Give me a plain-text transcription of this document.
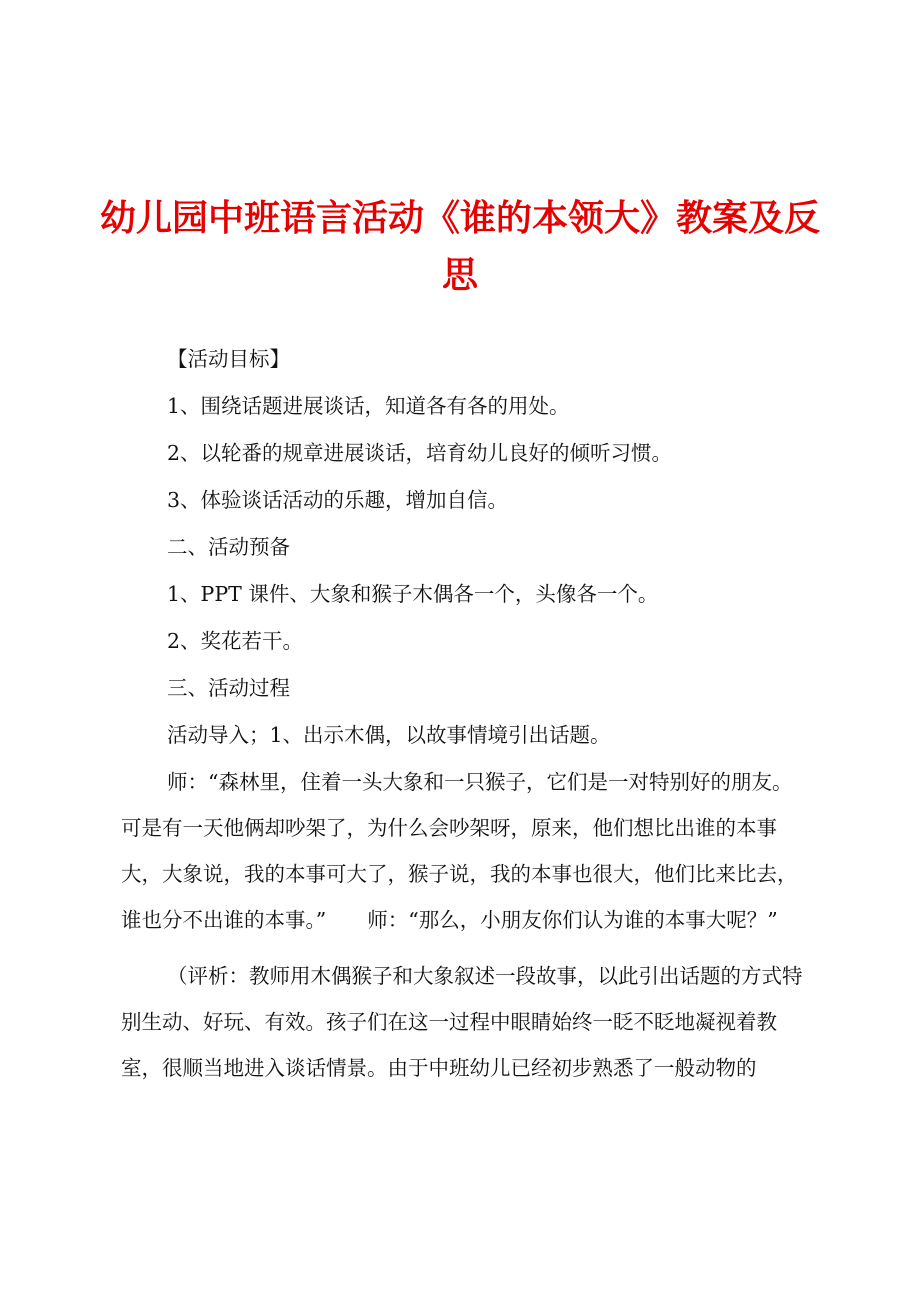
幼儿园中班语言活动《谁的本领大》教案及反思

【活动目标】

1、围绕话题进展谈话，知道各有各的用处。

2、以轮番的规章进展谈话，培育幼儿良好的倾听习惯。

3、体验谈话活动的乐趣，增加自信。

二、活动预备

1、PPT 课件、大象和猴子木偶各一个，头像各一个。

2、奖花若干。

三、活动过程

活动导入；1、出示木偶，以故事情境引出话题。

师：“森林里，住着一头大象和一只猴子，它们是一对特别好的朋友。可是有一天他俩却吵架了，为什么会吵架呀，原来，他们想比出谁的本事大，大象说，我的本事可大了，猴子说，我的本事也很大，他们比来比去，谁也分不出谁的本事。”　　师：“那么，小朋友你们认为谁的本事大呢？”

（评析：教师用木偶猴子和大象叙述一段故事，以此引出话题的方式特别生动、好玩、有效。孩子们在这一过程中眼睛始终一眨不眨地凝视着教室，很顺当地进入谈话情景。由于中班幼儿已经初步熟悉了一般动物的
